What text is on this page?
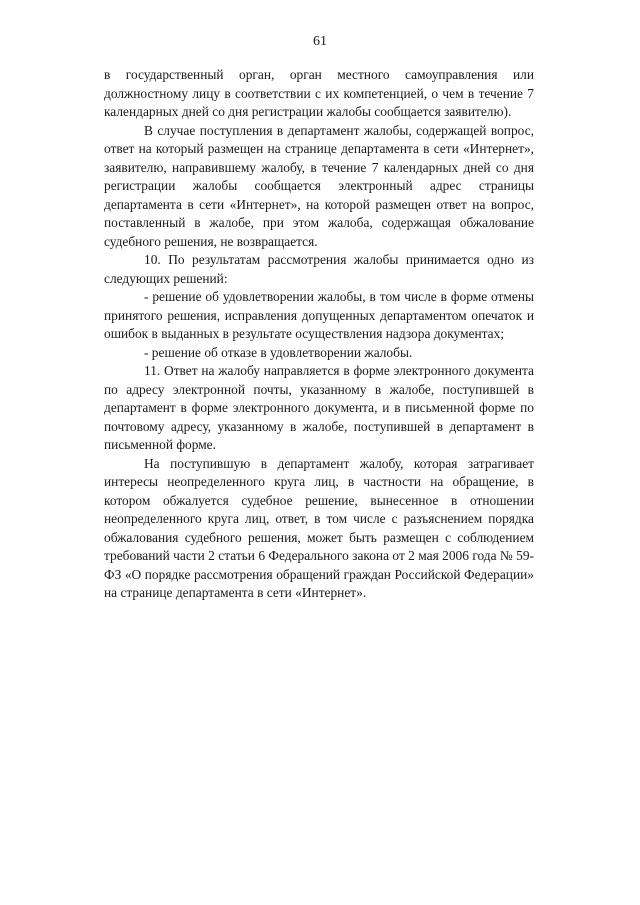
61

в государственный орган, орган местного самоуправления или должностному лицу в соответствии с их компетенцией, о чем в течение 7 календарных дней со дня регистрации жалобы сообщается заявителю).

В случае поступления в департамент жалобы, содержащей вопрос, ответ на который размещен на странице департамента в сети «Интернет», заявителю, направившему жалобу, в течение 7 календарных дней со дня регистрации жалобы сообщается электронный адрес страницы департамента в сети «Интернет», на которой размещен ответ на вопрос, поставленный в жалобе, при этом жалоба, содержащая обжалование судебного решения, не возвращается.

10. По результатам рассмотрения жалобы принимается одно из следующих решений:

- решение об удовлетворении жалобы, в том числе в форме отмены принятого решения, исправления допущенных департаментом опечаток и ошибок в выданных в результате осуществления надзора документах;

- решение об отказе в удовлетворении жалобы.

11. Ответ на жалобу направляется в форме электронного документа по адресу электронной почты, указанному в жалобе, поступившей в департамент в форме электронного документа, и в письменной форме по почтовому адресу, указанному в жалобе, поступившей в департамент в письменной форме.

На поступившую в департамент жалобу, которая затрагивает интересы неопределенного круга лиц, в частности на обращение, в котором обжалуется судебное решение, вынесенное в отношении неопределенного круга лиц, ответ, в том числе с разъяснением порядка обжалования судебного решения, может быть размещен с соблюдением требований части 2 статьи 6 Федерального закона от 2 мая 2006 года № 59-ФЗ «О порядке рассмотрения обращений граждан Российской Федерации» на странице департамента в сети «Интернет».
